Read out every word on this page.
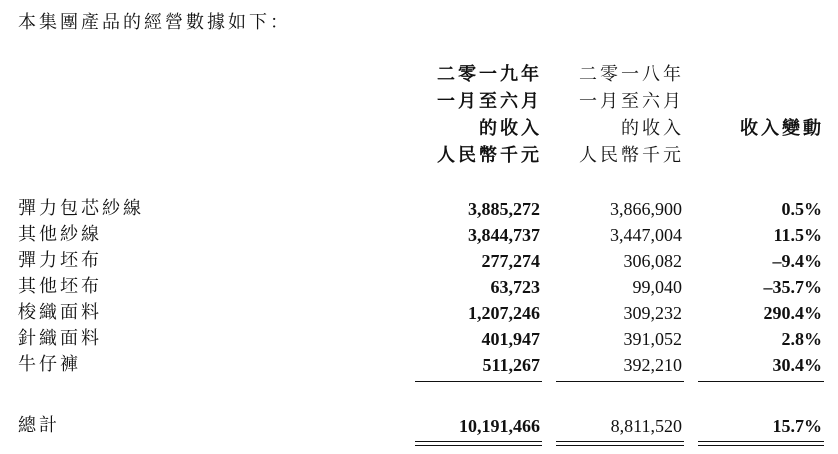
本集團產品的經營數據如下：
二零一九年
一月至六月
的收入
人民幣千元
二零一八年
一月至六月
的收入
人民幣千元
收入變動
彈力包芯紗線	3,885,272	3,866,900	0.5%
其他紗線	3,844,737	3,447,004	11.5%
彈力坯布	277,274	306,082	–9.4%
其他坯布	63,723	99,040	–35.7%
梭織面料	1,207,246	309,232	290.4%
針織面料	401,947	391,052	2.8%
牛仔褲	511,267	392,210	30.4%
總計	10,191,466	8,811,520	15.7%
